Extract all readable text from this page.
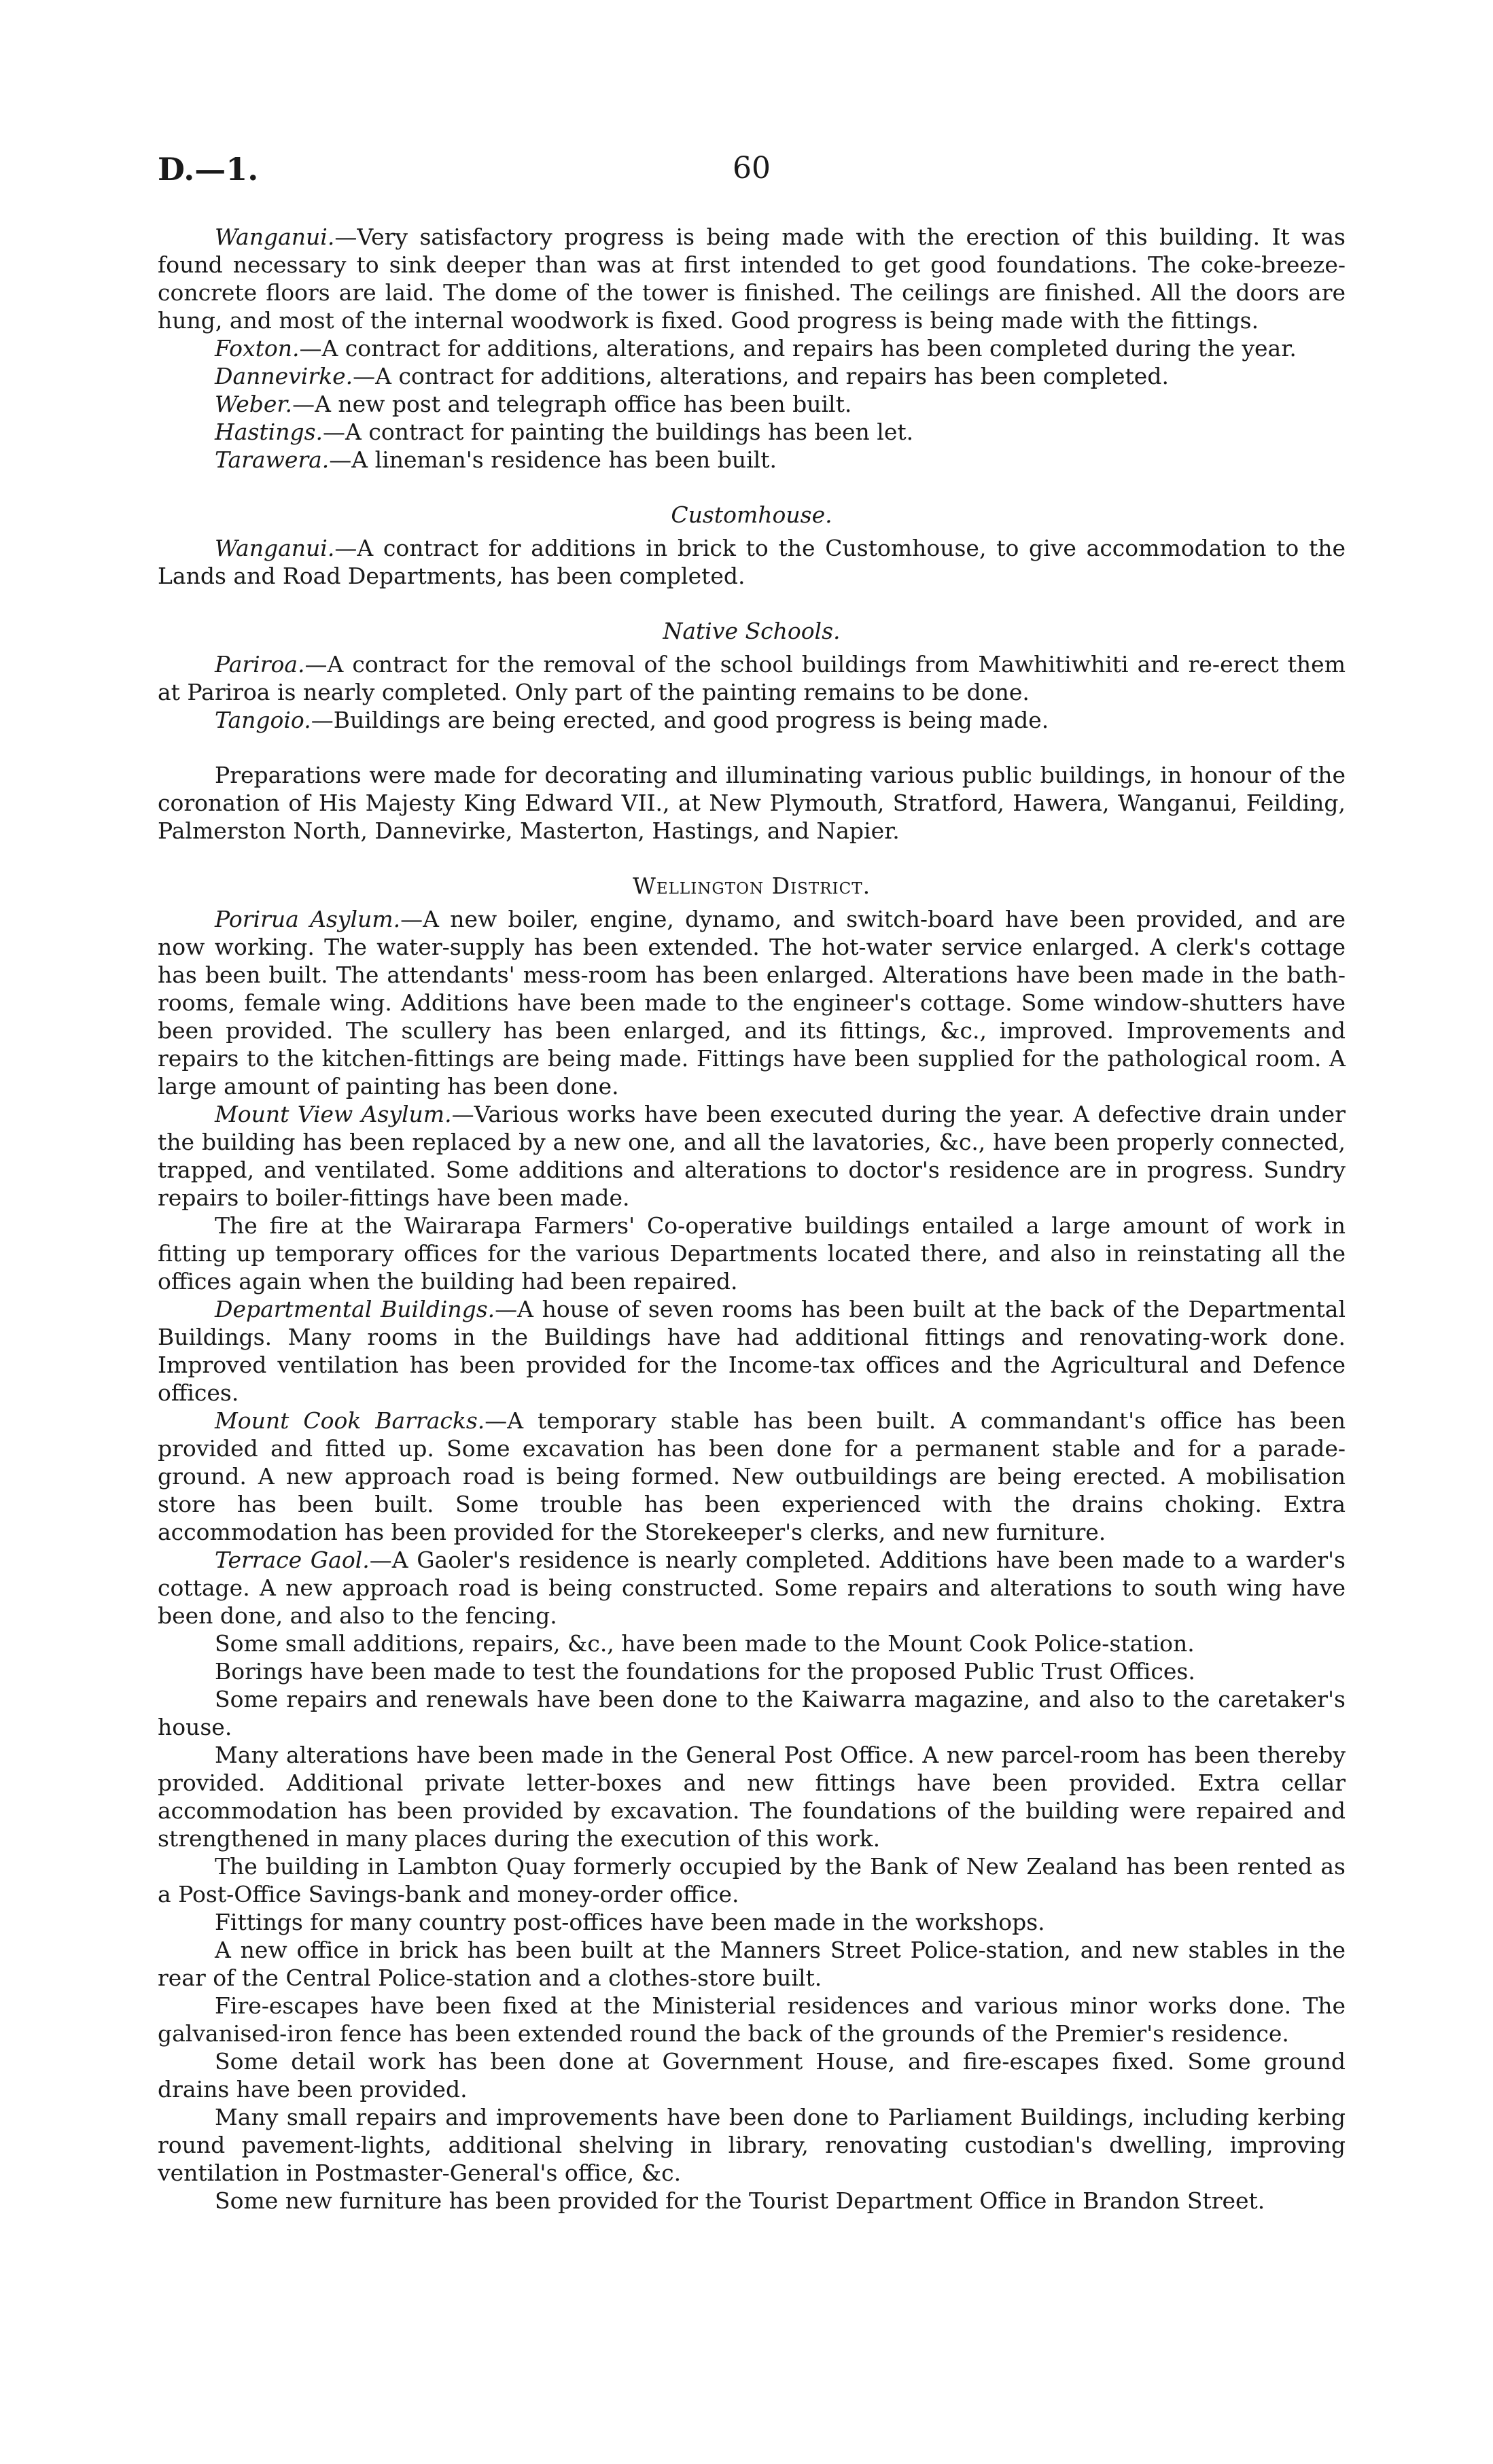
D.—1.	60

Wanganui.—Very satisfactory progress is being made with the erection of this building. It was found necessary to sink deeper than was at first intended to get good foundations. The coke-breeze-concrete floors are laid. The dome of the tower is finished. The ceilings are finished. All the doors are hung, and most of the internal woodwork is fixed. Good progress is being made with the fittings.

Foxton.—A contract for additions, alterations, and repairs has been completed during the year.

Dannevirke.—A contract for additions, alterations, and repairs has been completed.

Weber.—A new post and telegraph office has been built.

Hastings.—A contract for painting the buildings has been let.

Tarawera.—A lineman's residence has been built.

Customhouse.

Wanganui.—A contract for additions in brick to the Customhouse, to give accommodation to the Lands and Road Departments, has been completed.

Native Schools.

Pariroa.—A contract for the removal of the school buildings from Mawhitiwhiti and re-erect them at Pariroa is nearly completed. Only part of the painting remains to be done.

Tangoio.—Buildings are being erected, and good progress is being made.

Preparations were made for decorating and illuminating various public buildings, in honour of the coronation of His Majesty King Edward VII., at New Plymouth, Stratford, Hawera, Wanganui, Feilding, Palmerston North, Dannevirke, Masterton, Hastings, and Napier.

Wellington District.

Porirua Asylum.—A new boiler, engine, dynamo, and switch-board have been provided, and are now working. The water-supply has been extended. The hot-water service enlarged. A clerk's cottage has been built. The attendants' mess-room has been enlarged. Alterations have been made in the bath-rooms, female wing. Additions have been made to the engineer's cottage. Some window-shutters have been provided. The scullery has been enlarged, and its fittings, &c., improved. Improvements and repairs to the kitchen-fittings are being made. Fittings have been supplied for the pathological room. A large amount of painting has been done.

Mount View Asylum.—Various works have been executed during the year. A defective drain under the building has been replaced by a new one, and all the lavatories, &c., have been properly connected, trapped, and ventilated. Some additions and alterations to doctor's residence are in progress. Sundry repairs to boiler-fittings have been made.

The fire at the Wairarapa Farmers' Co-operative buildings entailed a large amount of work in fitting up temporary offices for the various Departments located there, and also in reinstating all the offices again when the building had been repaired.

Departmental Buildings.—A house of seven rooms has been built at the back of the Departmental Buildings. Many rooms in the Buildings have had additional fittings and renovating-work done. Improved ventilation has been provided for the Income-tax offices and the Agricultural and Defence offices.

Mount Cook Barracks.—A temporary stable has been built. A commandant's office has been provided and fitted up. Some excavation has been done for a permanent stable and for a parade-ground. A new approach road is being formed. New outbuildings are being erected. A mobilisation store has been built. Some trouble has been experienced with the drains choking. Extra accommodation has been provided for the Storekeeper's clerks, and new furniture.

Terrace Gaol.—A Gaoler's residence is nearly completed. Additions have been made to a warder's cottage. A new approach road is being constructed. Some repairs and alterations to south wing have been done, and also to the fencing.

Some small additions, repairs, &c., have been made to the Mount Cook Police-station.

Borings have been made to test the foundations for the proposed Public Trust Offices.

Some repairs and renewals have been done to the Kaiwarra magazine, and also to the caretaker's house.

Many alterations have been made in the General Post Office. A new parcel-room has been thereby provided. Additional private letter-boxes and new fittings have been provided. Extra cellar accommodation has been provided by excavation. The foundations of the building were repaired and strengthened in many places during the execution of this work.

The building in Lambton Quay formerly occupied by the Bank of New Zealand has been rented as a Post-Office Savings-bank and money-order office.

Fittings for many country post-offices have been made in the workshops.

A new office in brick has been built at the Manners Street Police-station, and new stables in the rear of the Central Police-station and a clothes-store built.

Fire-escapes have been fixed at the Ministerial residences and various minor works done. The galvanised-iron fence has been extended round the back of the grounds of the Premier's residence.

Some detail work has been done at Government House, and fire-escapes fixed. Some ground drains have been provided.

Many small repairs and improvements have been done to Parliament Buildings, including kerbing round pavement-lights, additional shelving in library, renovating custodian's dwelling, improving ventilation in Postmaster-General's office, &c.

Some new furniture has been provided for the Tourist Department Office in Brandon Street.
